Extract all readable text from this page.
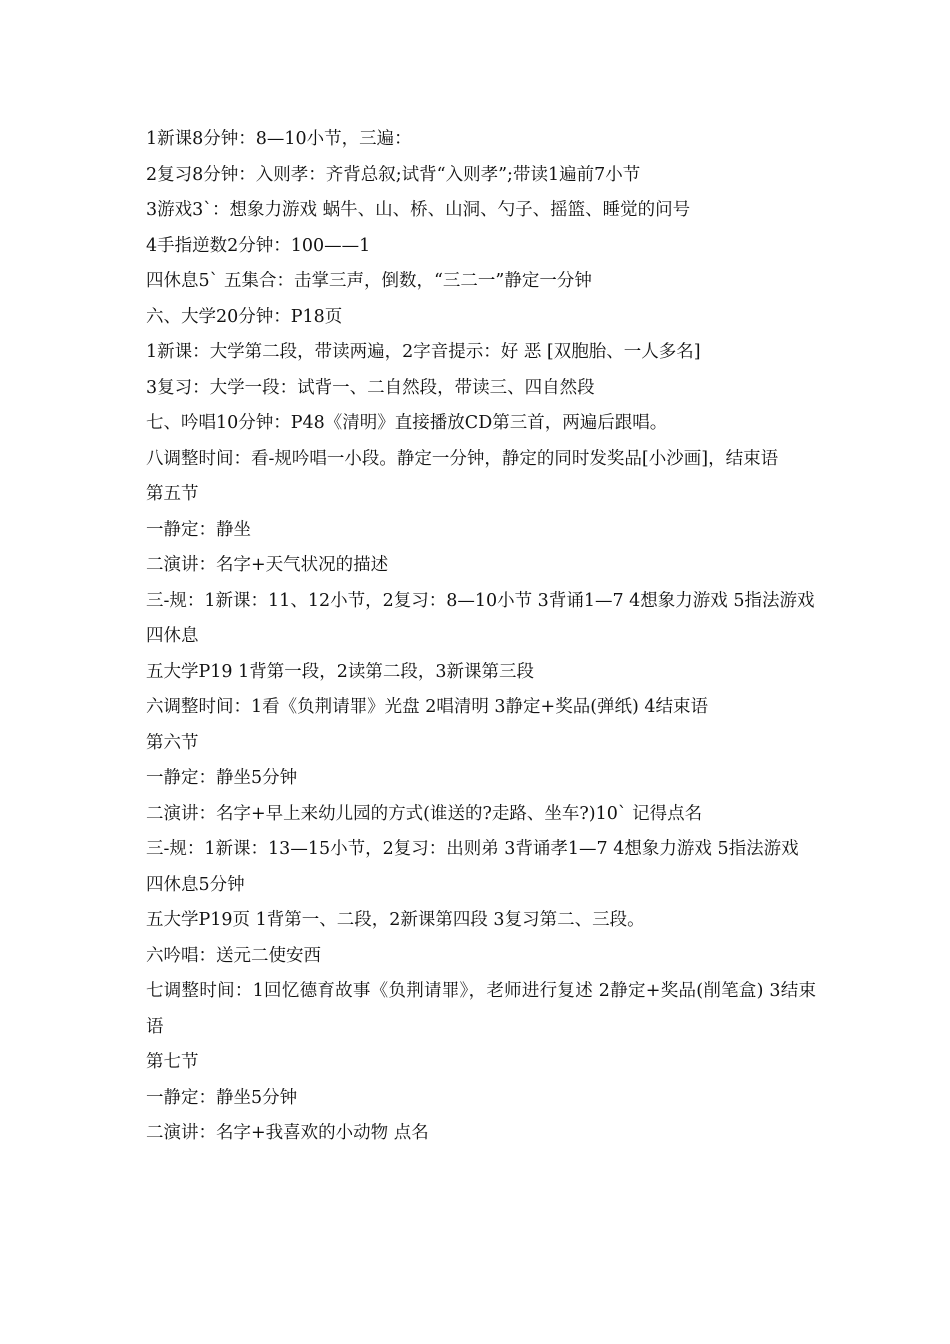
1新课8分钟：8—10小节，三遍：

2复习8分钟：入则孝：齐背总叙;试背“入则孝”;带读1遍前7小节

3游戏3`：想象力游戏 蜗牛、山、桥、山洞、勺子、摇篮、睡觉的问号

4手指逆数2分钟：100——1

四休息5` 五集合：击掌三声，倒数，“三二一”静定一分钟

六、大学20分钟：P18页

1新课：大学第二段，带读两遍，2字音提示：好 恶 [双胞胎、一人多名]

3复习：大学一段：试背一、二自然段，带读三、四自然段

七、吟唱10分钟：P48《清明》直接播放CD第三首，两遍后跟唱。

八调整时间：看-规吟唱一小段。静定一分钟，静定的同时发奖品[小沙画]，结束语

第五节

一静定：静坐

二演讲：名字+天气状况的描述

三-规：1新课：11、12小节，2复习：8—10小节 3背诵1—7 4想象力游戏 5指法游戏

四休息

五大学P19 1背第一段，2读第二段，3新课第三段

六调整时间：1看《负荆请罪》光盘 2唱清明 3静定+奖品(弹纸) 4结束语

第六节

一静定：静坐5分钟

二演讲：名字+早上来幼儿园的方式(谁送的?走路、坐车?)10` 记得点名

三-规：1新课：13—15小节，2复习：出则弟 3背诵孝1—7 4想象力游戏 5指法游戏

四休息5分钟

五大学P19页 1背第一、二段，2新课第四段 3复习第二、三段。

六吟唱：送元二使安西

七调整时间：1回忆德育故事《负荆请罪》，老师进行复述 2静定+奖品(削笔盒) 3结束语

第七节

一静定：静坐5分钟

二演讲：名字+我喜欢的小动物 点名
